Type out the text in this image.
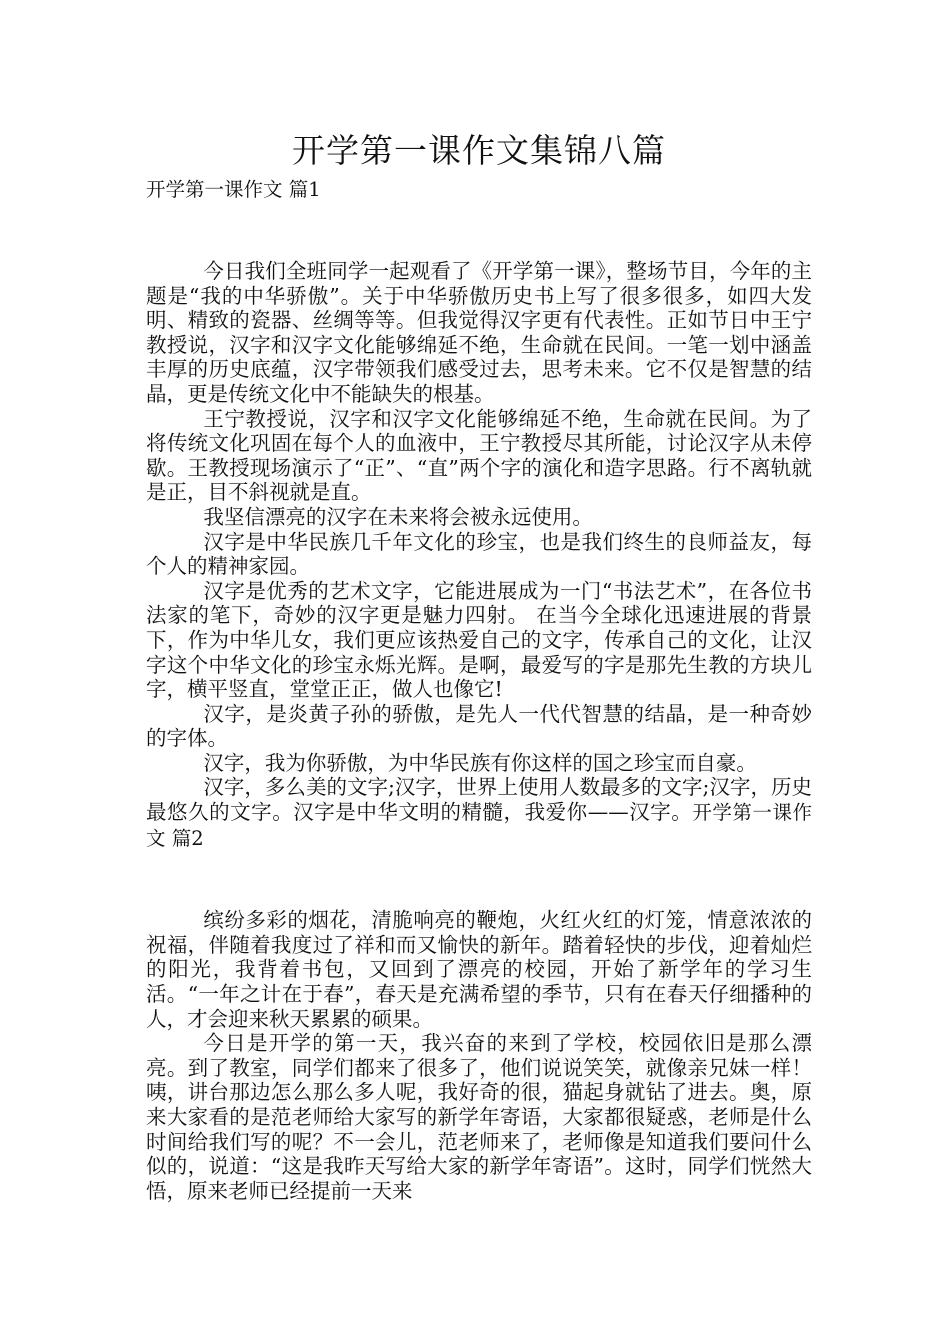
开学第一课作文集锦八篇

开学第一课作文 篇1

今日我们全班同学一起观看了《开学第一课》，整场节目，今年的主题是“我的中华骄傲”。关于中华骄傲历史书上写了很多很多，如四大发明、精致的瓷器、丝绸等等。但我觉得汉字更有代表性。正如节日中王宁教授说，汉字和汉字文化能够绵延不绝，生命就在民间。一笔一划中涵盖丰厚的历史底蕴，汉字带领我们感受过去，思考未来。它不仅是智慧的结晶，更是传统文化中不能缺失的根基。

王宁教授说，汉字和汉字文化能够绵延不绝，生命就在民间。为了将传统文化巩固在每个人的血液中，王宁教授尽其所能，讨论汉字从未停歇。王教授现场演示了“正”、“直”两个字的演化和造字思路。行不离轨就是正，目不斜视就是直。

我坚信漂亮的汉字在未来将会被永远使用。

汉字是中华民族几千年文化的珍宝，也是我们终生的良师益友，每个人的精神家园。

汉字是优秀的艺术文字，它能进展成为一门“书法艺术”，在各位书法家的笔下，奇妙的汉字更是魅力四射。 在当今全球化迅速进展的背景下，作为中华儿女，我们更应该热爱自己的文字，传承自己的文化，让汉字这个中华文化的珍宝永烁光辉。是啊，最爱写的字是那先生教的方块儿字，横平竖直，堂堂正正，做人也像它!

汉字，是炎黄子孙的骄傲，是先人一代代智慧的结晶，是一种奇妙的字体。

汉字，我为你骄傲，为中华民族有你这样的国之珍宝而自豪。

汉字，多么美的文字;汉字，世界上使用人数最多的文字;汉字，历史最悠久的文字。汉字是中华文明的精髓，我爱你——汉字。开学第一课作文 篇2

缤纷多彩的烟花，清脆响亮的鞭炮，火红火红的灯笼，情意浓浓的祝福，伴随着我度过了祥和而又愉快的新年。踏着轻快的步伐，迎着灿烂的阳光，我背着书包，又回到了漂亮的校园，开始了新学年的学习生活。“一年之计在于春”，春天是充满希望的季节，只有在春天仔细播种的人，才会迎来秋天累累的硕果。

今日是开学的第一天，我兴奋的来到了学校，校园依旧是那么漂亮。到了教室，同学们都来了很多了，他们说说笑笑，就像亲兄妹一样！咦，讲台那边怎么那么多人呢，我好奇的很，猫起身就钻了进去。奥，原来大家看的是范老师给大家写的新学年寄语，大家都很疑惑，老师是什么时间给我们写的呢？不一会儿，范老师来了，老师像是知道我们要问什么似的，说道：“这是我昨天写给大家的新学年寄语”。这时，同学们恍然大悟，原来老师已经提前一天来
